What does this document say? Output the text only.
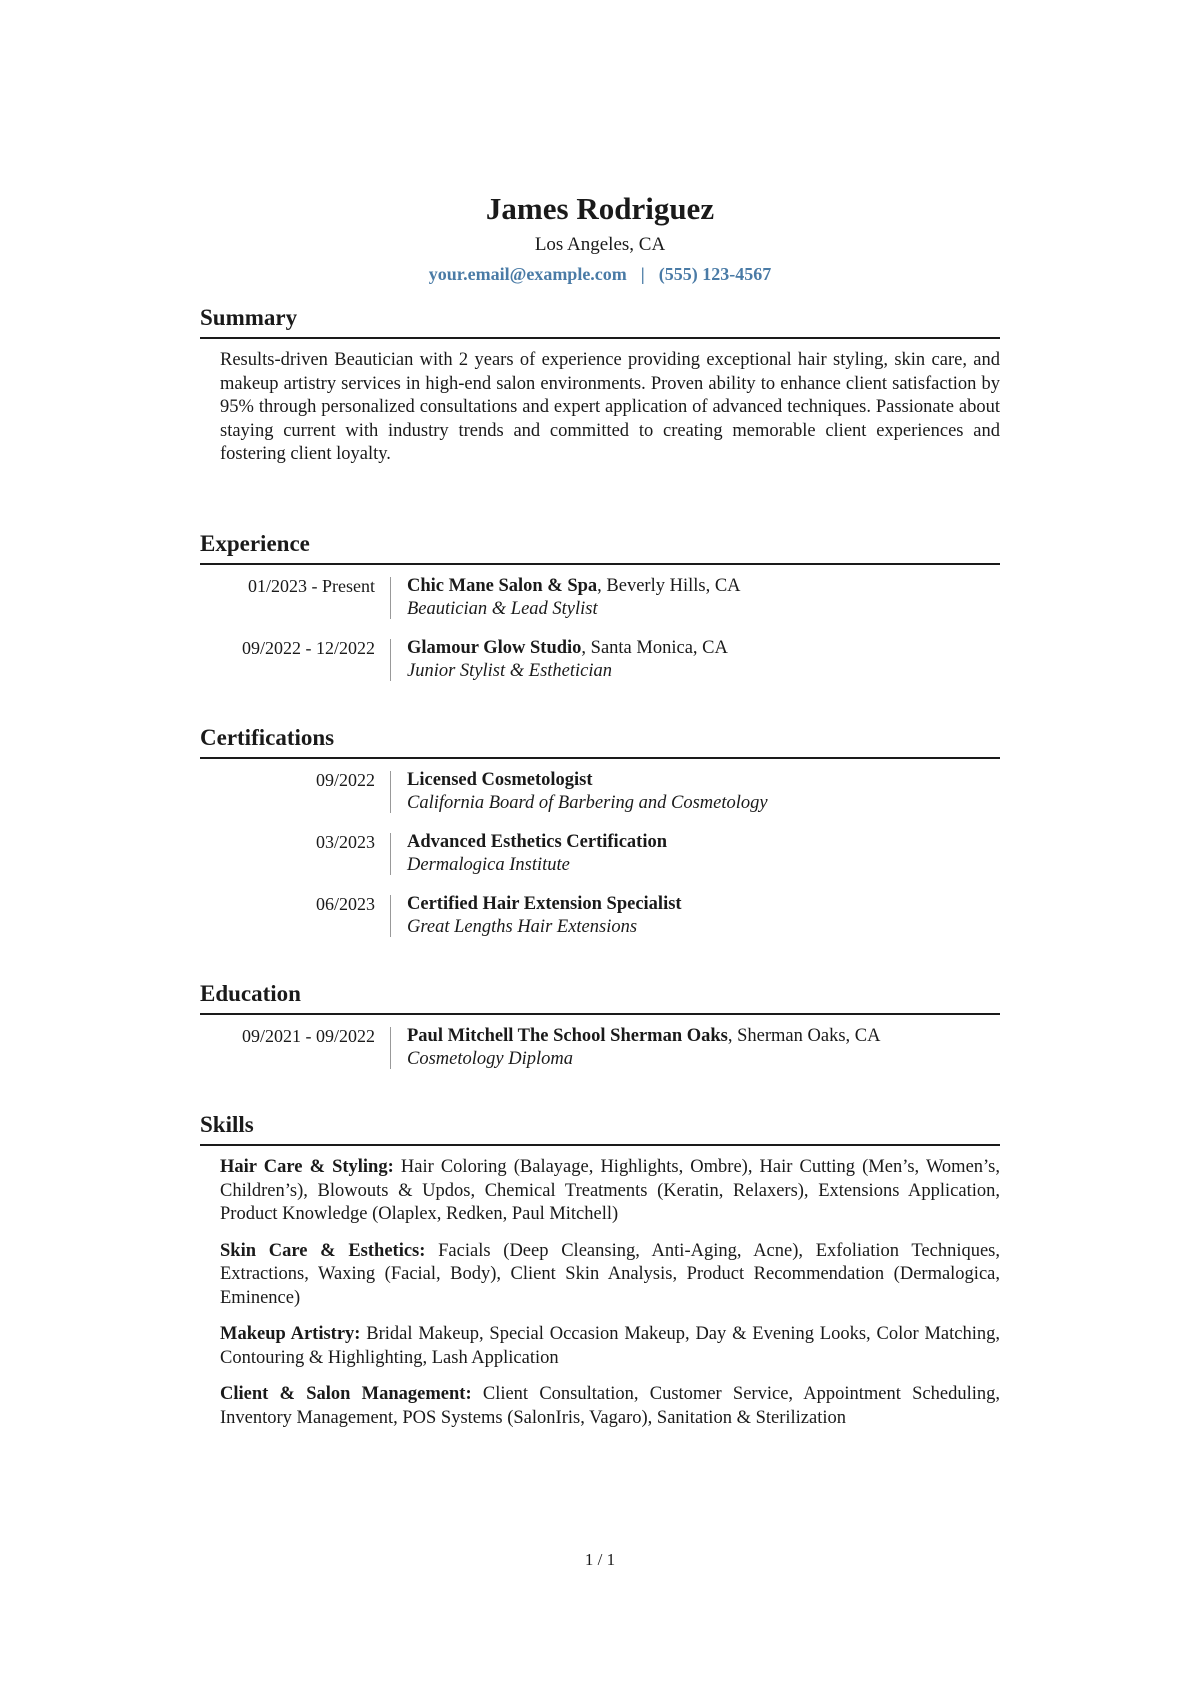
James Rodriguez
Los Angeles, CA
your.email@example.com | (555) 123-4567
Summary

Results-driven Beautician with 2 years of experience providing exceptional hair styling, skin care, and makeup artistry services in high-end salon environments. Proven ability to enhance client satisfaction by 95% through personalized consultations and expert application of advanced techniques. Passionate about staying current with industry trends and committed to creating memorable client experiences and fostering client loyalty.

Experience
01/2023 - Present Chic Mane Salon & Spa, Beverly Hills, CA
Beautician & Lead Stylist
09/2022 - 12/2022 Glamour Glow Studio, Santa Monica, CA
Junior Stylist & Esthetician
Certifications
09/2022 Licensed Cosmetologist
California Board of Barbering and Cosmetology
03/2023 Advanced Esthetics Certification
Dermalogica Institute
06/2023 Certified Hair Extension Specialist
Great Lengths Hair Extensions
Education
09/2021 - 09/2022 Paul Mitchell The School Sherman Oaks, Sherman Oaks, CA
Cosmetology Diploma
Skills

Hair Care & Styling: Hair Coloring (Balayage, Highlights, Ombre), Hair Cutting (Men’s, Women’s, Children’s), Blowouts & Updos, Chemical Treatments (Keratin, Relaxers), Extensions Application, Product Knowledge (Olaplex, Redken, Paul Mitchell)

Skin Care & Esthetics: Facials (Deep Cleansing, Anti-Aging, Acne), Exfoliation Techniques, Extractions, Waxing (Facial, Body), Client Skin Analysis, Product Recommendation (Dermalogica, Eminence)

Makeup Artistry: Bridal Makeup, Special Occasion Makeup, Day & Evening Looks, Color Matching, Contouring & Highlighting, Lash Application

Client & Salon Management: Client Consultation, Customer Service, Appointment Scheduling, Inventory Management, POS Systems (SalonIris, Vagaro), Sanitation & Sterilization

1 / 1
